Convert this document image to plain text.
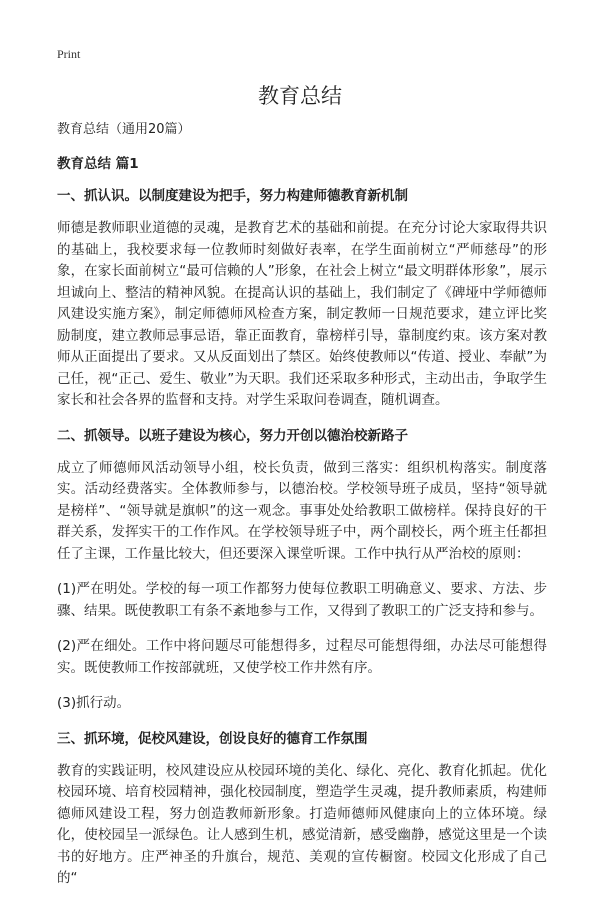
Print
教育总结
教育总结（通用20篇）
教育总结 篇1
一、抓认识。以制度建设为把手，努力构建师德教育新机制
师德是教师职业道德的灵魂，是教育艺术的基础和前提。在充分讨论大家取得共识的基础上，我校要求每一位教师时刻做好表率，在学生面前树立“严师慈母”的形象，在家长面前树立“最可信赖的人”形象，在社会上树立“最文明群体形象”，展示坦诚向上、整洁的精神风貌。在提高认识的基础上，我们制定了《碑垭中学师德师风建设实施方案》，制定师德师风检查方案，制定教师一日规范要求，建立评比奖励制度，建立教师忌事忌语，靠正面教育，靠榜样引导，靠制度约束。该方案对教师从正面提出了要求。又从反面划出了禁区。始终使教师以“传道、授业、奉献”为己任，视“正己、爱生、敬业”为天职。我们还采取多种形式，主动出击，争取学生家长和社会各界的监督和支持。对学生采取问卷调查，随机调查。
二、抓领导。以班子建设为核心，努力开创以德治校新路子
成立了师德师风活动领导小组，校长负责，做到三落实：组织机构落实。制度落实。活动经费落实。全体教师参与，以德治校。学校领导班子成员，坚持“领导就是榜样”、“领导就是旗帜”的这一观念。事事处处给教职工做榜样。保持良好的干群关系，发挥实干的工作作风。在学校领导班子中，两个副校长，两个班主任都担任了主课，工作量比较大，但还要深入课堂听课。工作中执行从严治校的原则：
(1)严在明处。学校的每一项工作都努力使每位教职工明确意义、要求、方法、步骤、结果。既使教职工有条不紊地参与工作，又得到了教职工的广泛支持和参与。
(2)严在细处。工作中将问题尽可能想得多，过程尽可能想得细，办法尽可能想得实。既使教师工作按部就班，又使学校工作井然有序。
(3)抓行动。
三、抓环境，促校风建设，创设良好的德育工作氛围
教育的实践证明，校风建设应从校园环境的美化、绿化、亮化、教育化抓起。优化校园环境、培育校园精神，强化校园制度，塑造学生灵魂，提升教师素质，构建师德师风建设工程，努力创造教师新形象。打造师德师风健康向上的立体环境。绿化，使校园呈一派绿色。让人感到生机，感觉清新，感受幽静，感觉这里是一个读书的好地方。庄严神圣的升旗台，规范、美观的宣传橱窗。校园文化形成了自己的“
